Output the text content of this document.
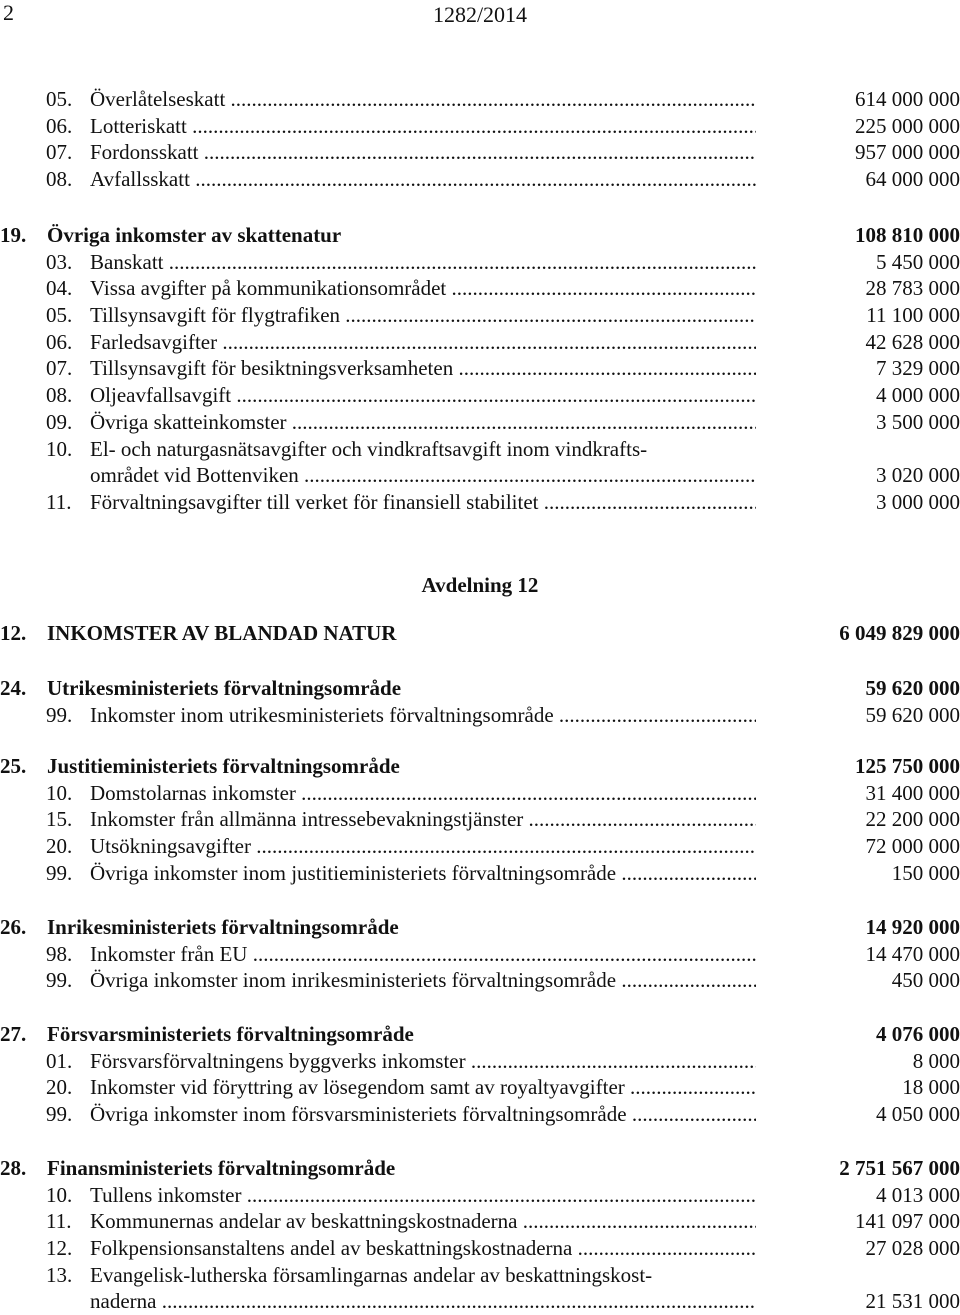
2	1282/2014
05. Överlåtelseskatt .....	614 000 000
06. Lotteriskatt .....	225 000 000
07. Fordonsskatt .....	957 000 000
08. Avfallsskatt .....	64 000 000
19. Övriga inkomster av skattenatur	108 810 000
03. Banskatt .....	5 450 000
04. Vissa avgifter på kommunikationsområdet .....	28 783 000
05. Tillsynsavgift för flygtrafiken .....	11 100 000
06. Farledsavgifter .....	42 628 000
07. Tillsynsavgift för besiktningsverksamheten .....	7 329 000
08. Oljeavfallsavgift .....	4 000 000
09. Övriga skatteinkomster .....	3 500 000
10. El- och naturgasnätsavgifter och vindkraftsavgift inom vindkrafts-
området vid Bottenviken .....	3 020 000
11. Förvaltningsavgifter till verket för finansiell stabilitet .....	3 000 000
Avdelning 12
12. INKOMSTER AV BLANDAD NATUR	6 049 829 000
24. Utrikesministeriets förvaltningsområde	59 620 000
99. Inkomster inom utrikesministeriets förvaltningsområde .....	59 620 000
25. Justitieministeriets förvaltningsområde	125 750 000
10. Domstolarnas inkomster .....	31 400 000
15. Inkomster från allmänna intressebevakningstjänster .....	22 200 000
20. Utsökningsavgifter .....	72 000 000
99. Övriga inkomster inom justitieministeriets förvaltningsområde .....	150 000
26. Inrikesministeriets förvaltningsområde	14 920 000
98. Inkomster från EU .....	14 470 000
99. Övriga inkomster inom inrikesministeriets förvaltningsområde .....	450 000
27. Försvarsministeriets förvaltningsområde	4 076 000
01. Försvarsförvaltningens byggverks inkomster .....	8 000
20. Inkomster vid föryttring av lösegendom samt av royaltyavgifter .....	18 000
99. Övriga inkomster inom försvarsministeriets förvaltningsområde .....	4 050 000
28. Finansministeriets förvaltningsområde	2 751 567 000
10. Tullens inkomster .....	4 013 000
11. Kommunernas andelar av beskattningskostnaderna .....	141 097 000
12. Folkpensionsanstaltens andel av beskattningskostnaderna .....	27 028 000
13. Evangelisk-lutherska församlingarnas andelar av beskattningskost-
naderna .....	21 531 000
